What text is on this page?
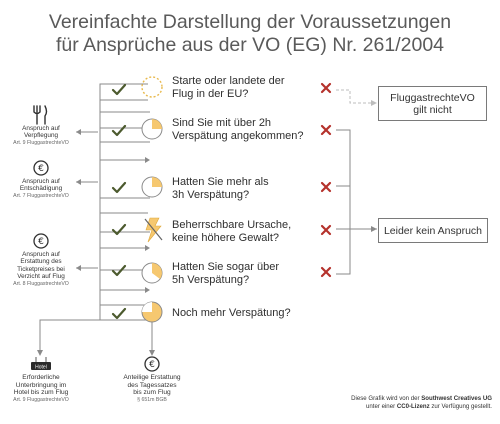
€
€
€
Hotel
Vereinfachte Darstellung der Voraussetzungen
für Ansprüche aus der VO (EG) Nr. 261/2004
Starte oder landete der
Flug in der EU?
Sind Sie mit über 2h
Verspätung angekommen?
Hatten Sie mehr als
3h Verspätung?
Beherrschbare Ursache,
keine höhere Gewalt?
Hatten Sie sogar über
5h Verspätung?
Noch mehr Verspätung?
FluggastrechteVO
gilt nicht
Leider kein Anspruch
Anspruch auf
Verpflegung
Art. 9 FluggastrechteVO
Anspruch auf
Entschädigung
Art. 7 FluggastrechteVO
Anspruch auf
Erstattung des
Ticketpreises bei
Verzicht auf Flug
Art. 8 FluggastrechteVO
Erforderliche
Unterbringung im
Hotel bis zum Flug
Art. 9 FluggastrechteVO
Anteilige Erstattung
des Tagessatzes
bis zum Flug
§ 651m BGB	Diese Grafik wird von der Southwest Creatives UG
unter einer CC0-Lizenz zur Verfügung gestellt.
